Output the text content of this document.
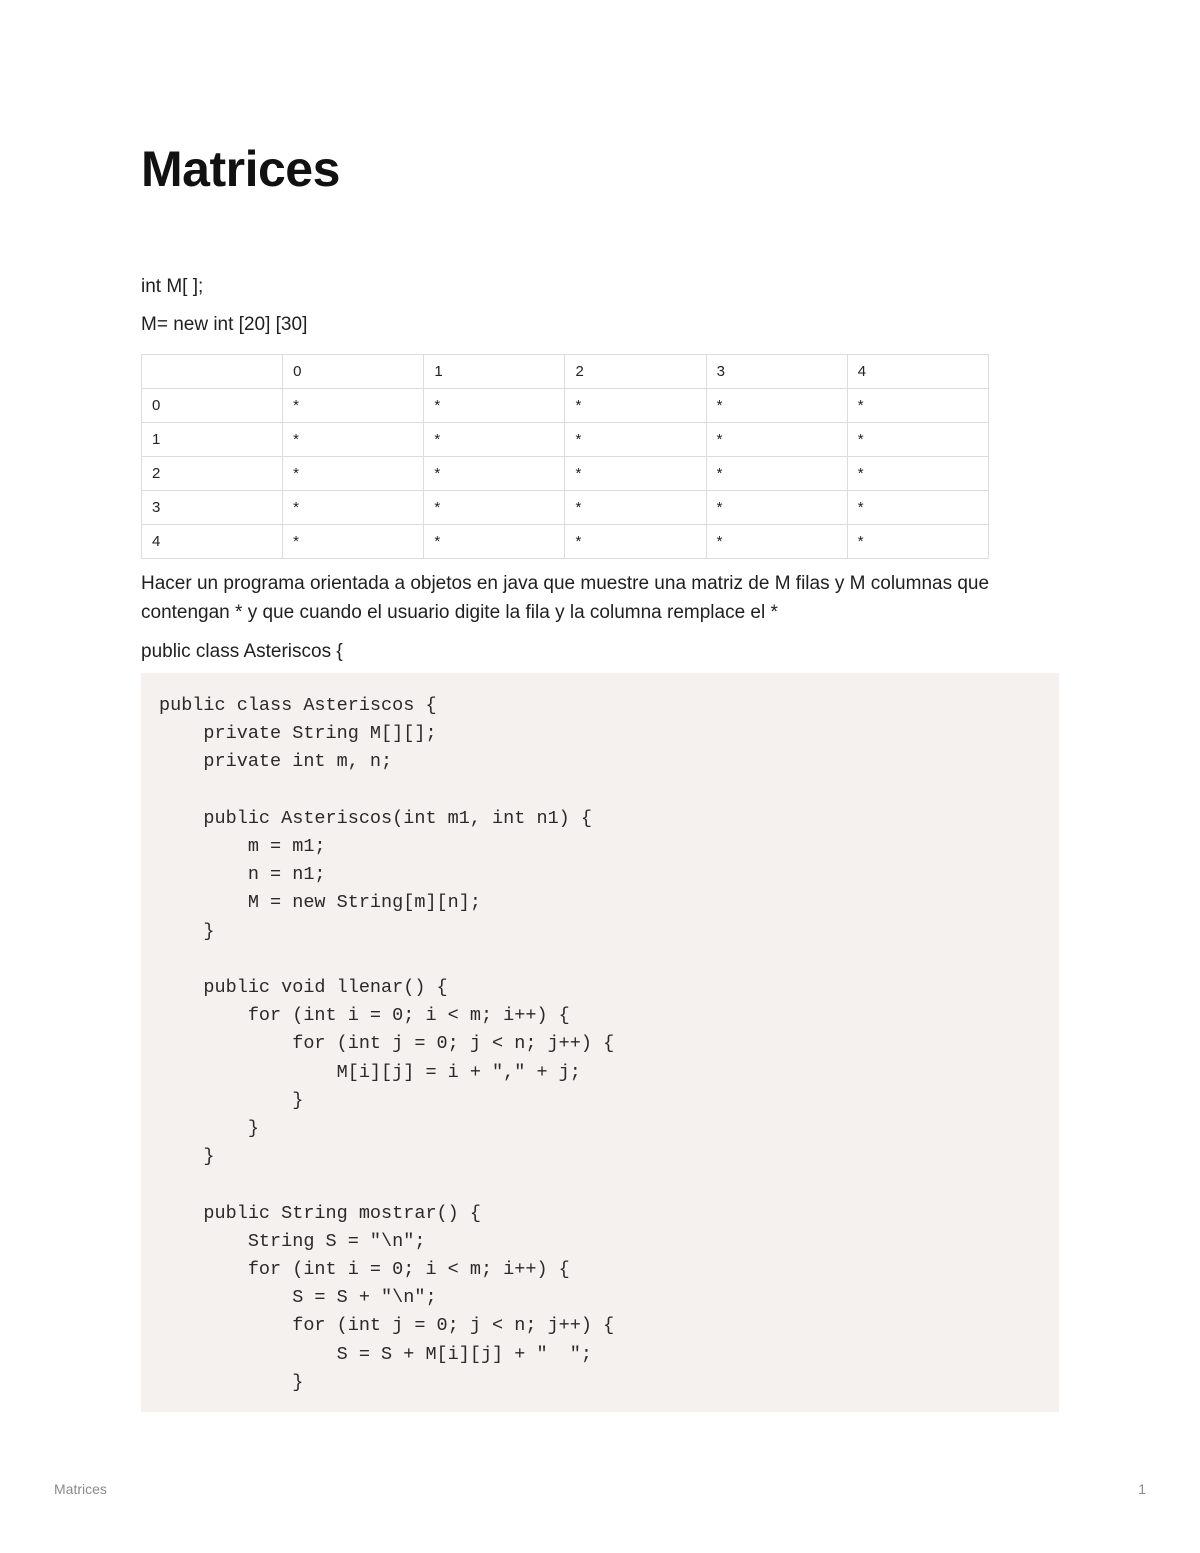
Matrices

int M[ ];

M= new int [20] [30]

	0	1	2	3	4
0	*	*	*	*	*
1	*	*	*	*	*
2	*	*	*	*	*
3	*	*	*	*	*
4	*	*	*	*	*

Hacer un programa orientada a objetos en java que muestre una matriz de M filas y M columnas que contengan * y que cuando el usuario digite la fila y la columna remplace el *

public class Asteriscos {

public class Asteriscos {
private String M[][];
private int m, n;

public Asteriscos(int m1, int n1) {
m = m1;
n = n1;
M = new String[m][n];
}

public void llenar() {
for (int i = 0; i < m; i++) {
for (int j = 0; j < n; j++) {
M[i][j] = i + "," + j;
}
}
}

public String mostrar() {
String S = "\n";
for (int i = 0; i < m; i++) {
S = S + "\n";
for (int j = 0; j < n; j++) {
S = S + M[i][j] + "  ";
}

Matrices	1
